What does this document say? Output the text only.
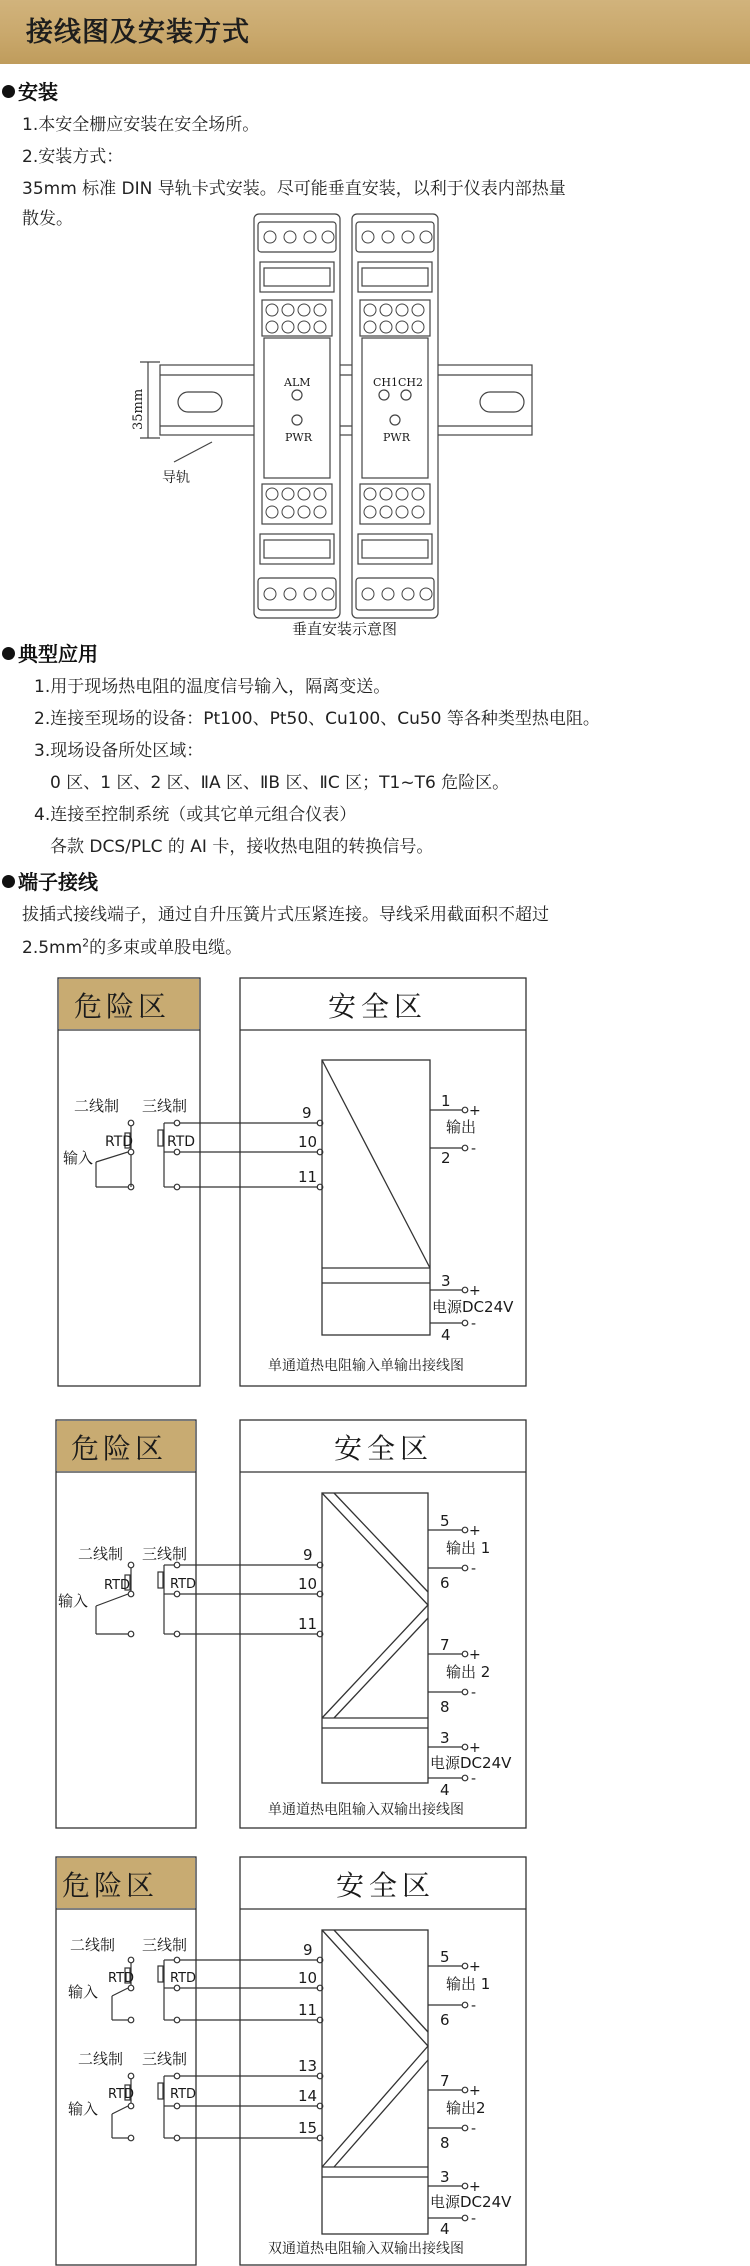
接线图及安装方式
安装
1.本安全栅应安装在安全场所。
2.安装方式：
35mm 标准 DIN 导轨卡式安装。尽可能垂直安装，以利于仪表内部热量
散发。
35mm
导轨
ALM
PWR
CH1 CH2
PWR
垂直安装示意图
典型应用
1.用于现场热电阻的温度信号输入，隔离变送。
2.连接至现场的设备：Pt100、Pt50、Cu100、Cu50 等各种类型热电阻。
3.现场设备所处区域：
0 区、1 区、2 区、ⅡA 区、ⅡB 区、ⅡC 区；T1~T6 危险区。
4.连接至控制系统（或其它单元组合仪表）
各款 DCS/PLC 的 AI 卡，接收热电阻的转换信号。
端子接线
拔插式接线端子，通过自升压簧片式压紧连接。导线采用截面积不超过
$2.5mm^2$的多束或单股电缆。
危险区	安全区
二线制 三线制
输入
RTD RTD
9
10
11
1
+
输出
2 -
3
+
电源DC24V
4
-
单通道热电阻输入单输出接线图
危险区	安全区
二线制 三线制
输入
RTD	RTD
9
10
11
5
+
输出 1
6
-
7
+
输出 2
8
-
3
+
电源DC24V
4
-
单通道热电阻输入双输出接线图
危险区	安全区
二线制 三线制
输入
RTD	RTD
9
10
11
二线制 三线制
输入
RTD	RTD
13
14
15
5
+
输出 1
6
-
7
+
输出2
8
-
3
+
电源DC24V
4
-
双通道热电阻输入双输出接线图
